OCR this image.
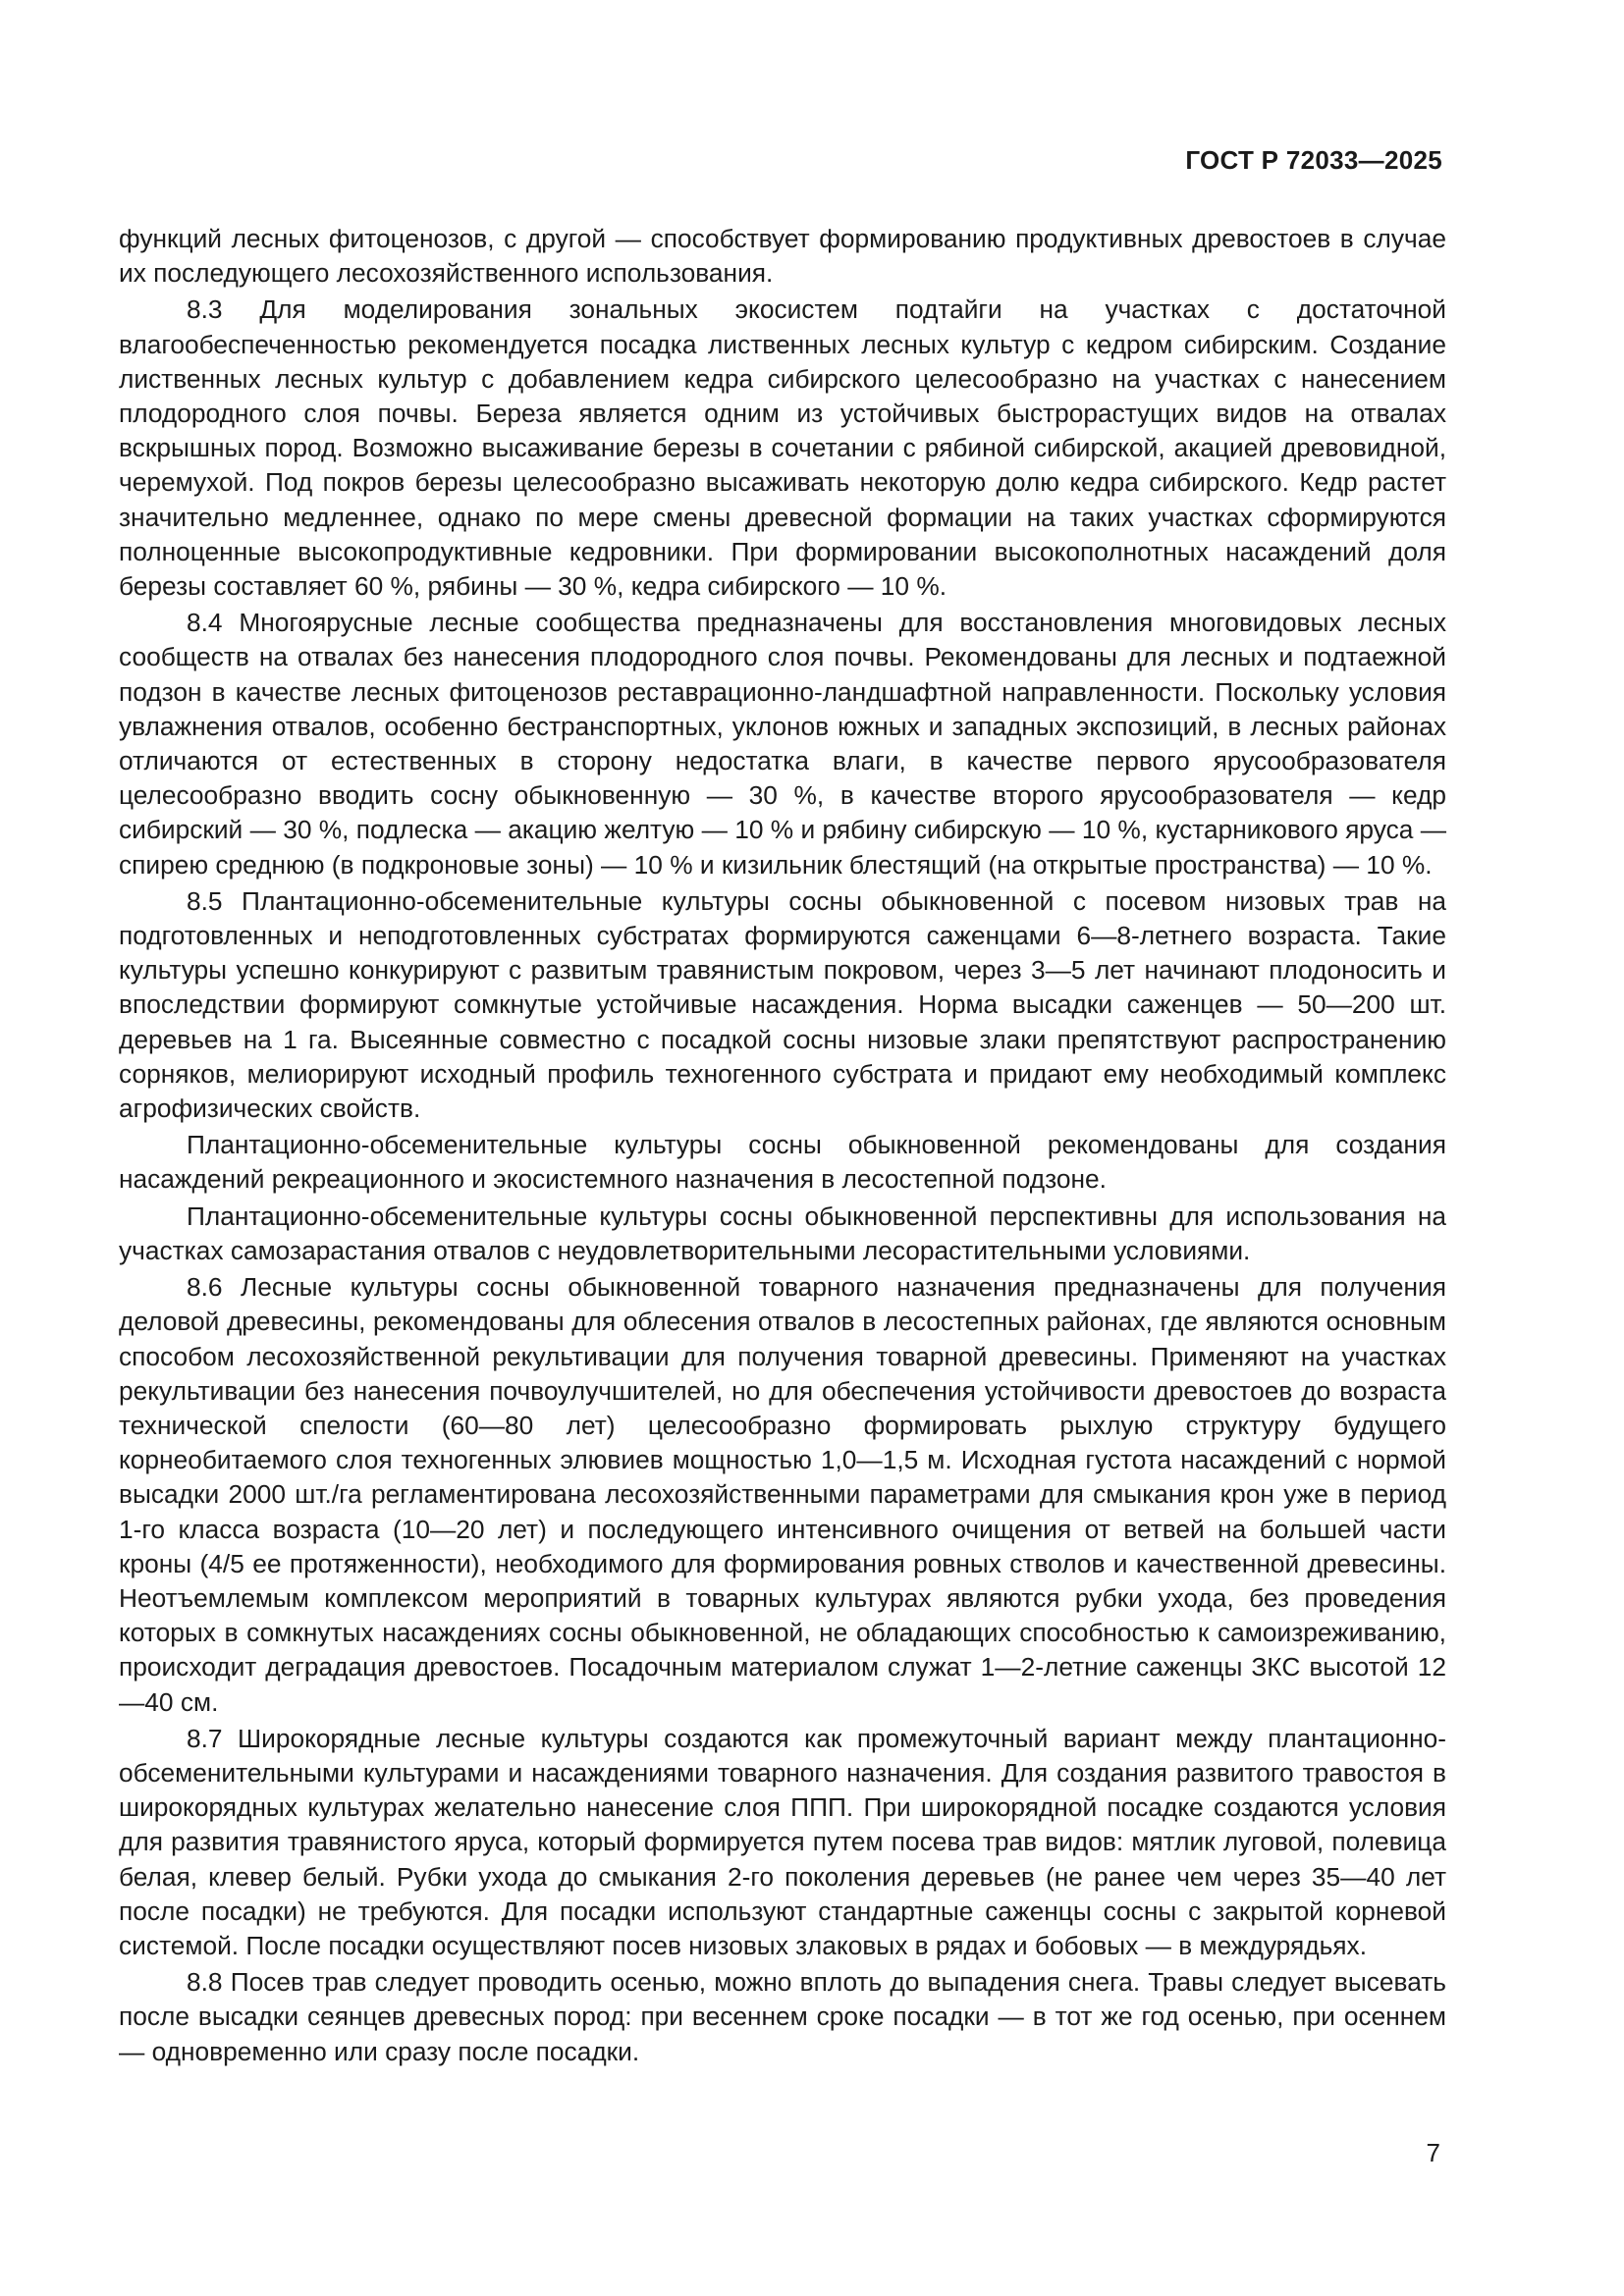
ГОСТ Р 72033—2025

функций лесных фитоценозов, с другой — способствует формированию продуктивных древостоев в случае их последующего лесохозяйственного использования.

8.3 Для моделирования зональных экосистем подтайги на участках с достаточной влагообеспеченностью рекомендуется посадка лиственных лесных культур с кедром сибирским. Создание лиственных лесных культур с добавлением кедра сибирского целесообразно на участках с нанесением плодородного слоя почвы. Береза является одним из устойчивых быстрорастущих видов на отвалах вскрышных пород. Возможно высаживание березы в сочетании с рябиной сибирской, акацией древовидной, черемухой. Под покров березы целесообразно высаживать некоторую долю кедра сибирского. Кедр растет значительно медленнее, однако по мере смены древесной формации на таких участках сформируются полноценные высокопродуктивные кедровники. При формировании высокополнотных насаждений доля березы составляет 60 %, рябины — 30 %, кедра сибирского — 10 %.

8.4 Многоярусные лесные сообщества предназначены для восстановления многовидовых лесных сообществ на отвалах без нанесения плодородного слоя почвы. Рекомендованы для лесных и подтаежной подзон в качестве лесных фитоценозов реставрационно-ландшафтной направленности. Поскольку условия увлажнения отвалов, особенно бестранспортных, уклонов южных и западных экспозиций, в лесных районах отличаются от естественных в сторону недостатка влаги, в качестве первого ярусообразователя целесообразно вводить сосну обыкновенную — 30 %, в качестве второго ярусообразователя — кедр сибирский — 30 %, подлеска — акацию желтую — 10 % и рябину сибирскую — 10 %, кустарникового яруса — спирею среднюю (в подкроновые зоны) — 10 % и кизильник блестящий (на открытые пространства) — 10 %.

8.5 Плантационно-обсеменительные культуры сосны обыкновенной с посевом низовых трав на подготовленных и неподготовленных субстратах формируются саженцами 6—8-летнего возраста. Такие культуры успешно конкурируют с развитым травянистым покровом, через 3—5 лет начинают плодоносить и впоследствии формируют сомкнутые устойчивые насаждения. Норма высадки саженцев — 50—200 шт. деревьев на 1 га. Высеянные совместно с посадкой сосны низовые злаки препятствуют распространению сорняков, мелиорируют исходный профиль техногенного субстрата и придают ему необходимый комплекс агрофизических свойств.

Плантационно-обсеменительные культуры сосны обыкновенной рекомендованы для создания насаждений рекреационного и экосистемного назначения в лесостепной подзоне.

Плантационно-обсеменительные культуры сосны обыкновенной перспективны для использования на участках самозарастания отвалов с неудовлетворительными лесорастительными условиями.

8.6 Лесные культуры сосны обыкновенной товарного назначения предназначены для получения деловой древесины, рекомендованы для облесения отвалов в лесостепных районах, где являются основным способом лесохозяйственной рекультивации для получения товарной древесины. Применяют на участках рекультивации без нанесения почвоулучшителей, но для обеспечения устойчивости древостоев до возраста технической спелости (60—80 лет) целесообразно формировать рыхлую структуру будущего корнеобитаемого слоя техногенных элювиев мощностью 1,0—1,5 м. Исходная густота насаждений с нормой высадки 2000 шт./га регламентирована лесохозяйственными параметрами для смыкания крон уже в период 1-го класса возраста (10—20 лет) и последующего интенсивного очищения от ветвей на большей части кроны (4/5 ее протяженности), необходимого для формирования ровных стволов и качественной древесины. Неотъемлемым комплексом мероприятий в товарных культурах являются рубки ухода, без проведения которых в сомкнутых насаждениях сосны обыкновенной, не обладающих способностью к самоизреживанию, происходит деградация древостоев. Посадочным материалом служат 1—2-летние саженцы ЗКС высотой 12—40 см.

8.7 Широкорядные лесные культуры создаются как промежуточный вариант между плантационно-обсеменительными культурами и насаждениями товарного назначения. Для создания развитого травостоя в широкорядных культурах желательно нанесение слоя ППП. При широкорядной посадке создаются условия для развития травянистого яруса, который формируется путем посева трав видов: мятлик луговой, полевица белая, клевер белый. Рубки ухода до смыкания 2-го поколения деревьев (не ранее чем через 35—40 лет после посадки) не требуются. Для посадки используют стандартные саженцы сосны с закрытой корневой системой. После посадки осуществляют посев низовых злаковых в рядах и бобовых — в междурядьях.

8.8 Посев трав следует проводить осенью, можно вплоть до выпадения снега. Травы следует высевать после высадки сеянцев древесных пород: при весеннем сроке посадки — в тот же год осенью, при осеннем — одновременно или сразу после посадки.

7
